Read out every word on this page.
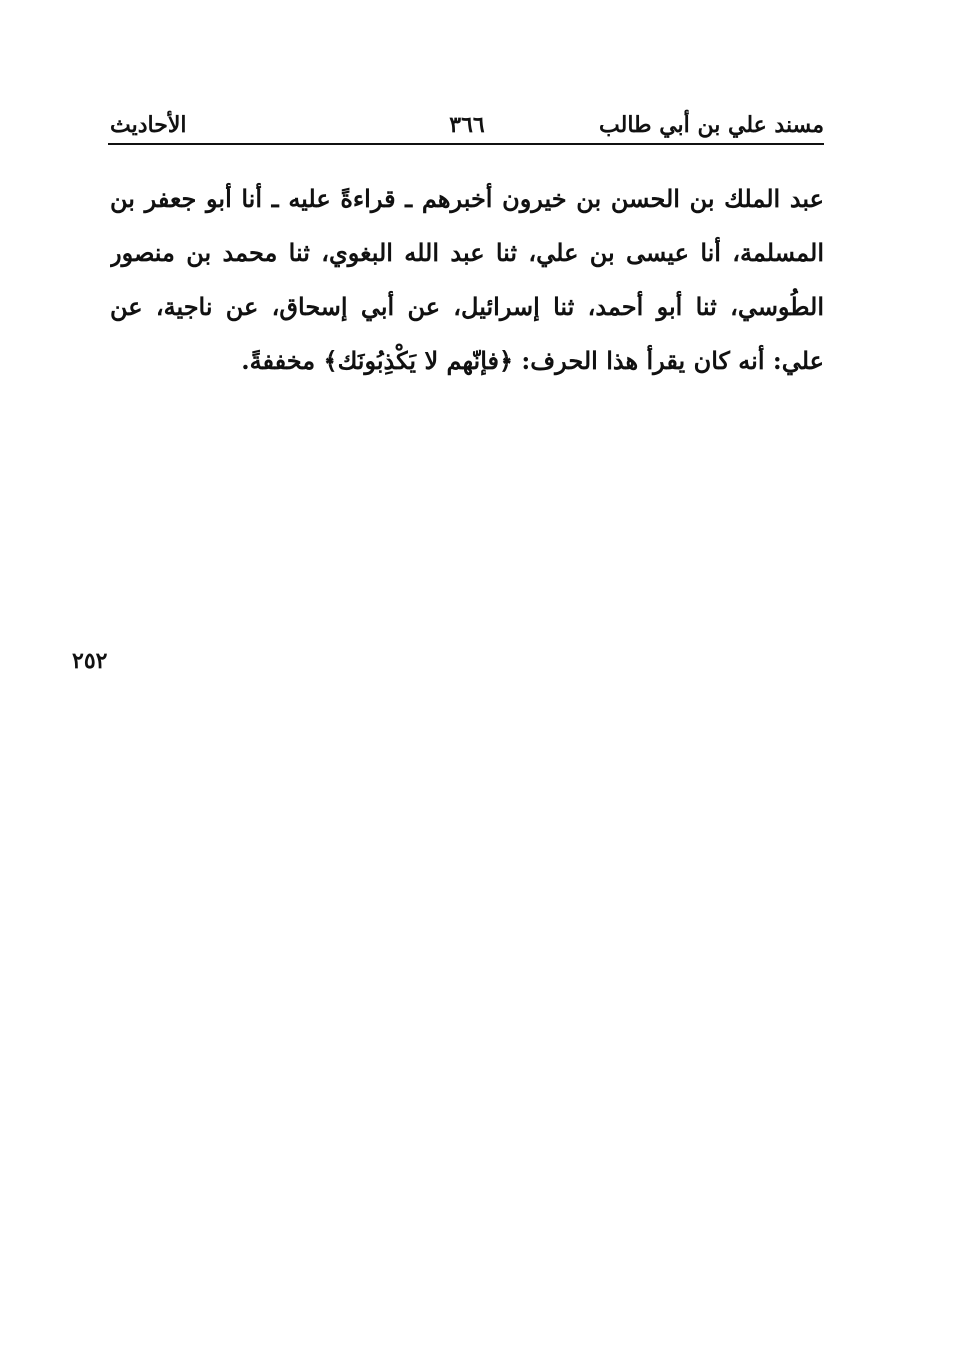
مسند علي بن أبي طالب
٣٦٦
الأحاديث
عبد الملك بن الحسن بن خيرون أخبرهم ـ قراءةً عليه ـ أنا أبو جعفر بن
المسلمة، أنا عيسى بن علي، ثنا عبد الله البغوي، ثنا محمد بن منصور
الطُوسي، ثنا أبو أحمد، ثنا إسرائيل، عن أبي إسحاق، عن ناجية، عن
علي: أنه كان يقرأ هذا الحرف: ﴿فإنّهم لا يَكْذِبُونَك﴾ مخففةً.
٢٥٢
